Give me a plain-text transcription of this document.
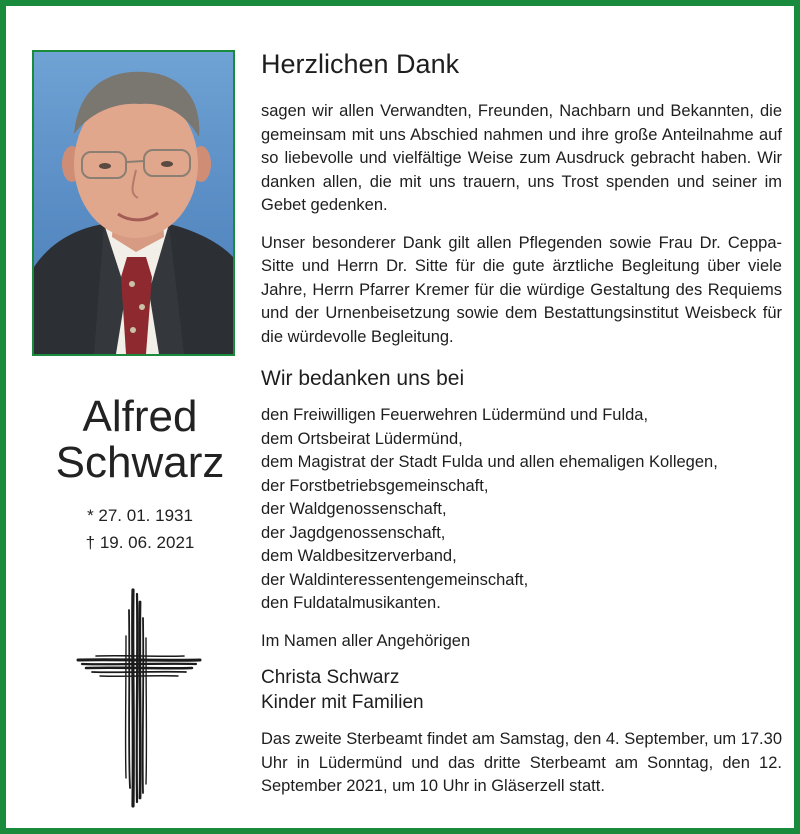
Alfred
Schwarz
* 27. 01. 1931
† 19. 06. 2021
Herzlichen Dank
sagen wir allen Verwandten, Freunden, Nachbarn und Bekannten, die gemeinsam mit uns Abschied nahmen und ihre große Anteilnahme auf so liebevolle und vielfältige Weise zum Ausdruck gebracht haben. Wir danken allen, die mit uns trauern, uns Trost spenden und seiner im Gebet gedenken.
Unser besonderer Dank gilt allen Pflegenden sowie Frau Dr. Ceppa-Sitte und Herrn Dr. Sitte für die gute ärztliche Begleitung über viele Jahre, Herrn Pfarrer Kremer für die würdige Gestaltung des Requiems und der Urnenbeisetzung sowie dem Bestattungsinstitut Weisbeck für die würdevolle Begleitung.
Wir bedanken uns bei
den Freiwilligen Feuerwehren Lüdermünd und Fulda,
dem Ortsbeirat Lüdermünd,
dem Magistrat der Stadt Fulda und allen ehemaligen Kollegen,
der Forstbetriebsgemeinschaft,
der Waldgenossenschaft,
der Jagdgenossenschaft,
dem Waldbesitzerverband,
der Waldinteressentengemeinschaft,
den Fuldatalmusikanten.
Im Namen aller Angehörigen
Christa Schwarz
Kinder mit Familien
Das zweite Sterbeamt findet am Samstag, den 4. September, um 17.30 Uhr in Lüdermünd und das dritte Sterbeamt am Sonntag, den 12. September 2021, um 10 Uhr in Gläserzell statt.
